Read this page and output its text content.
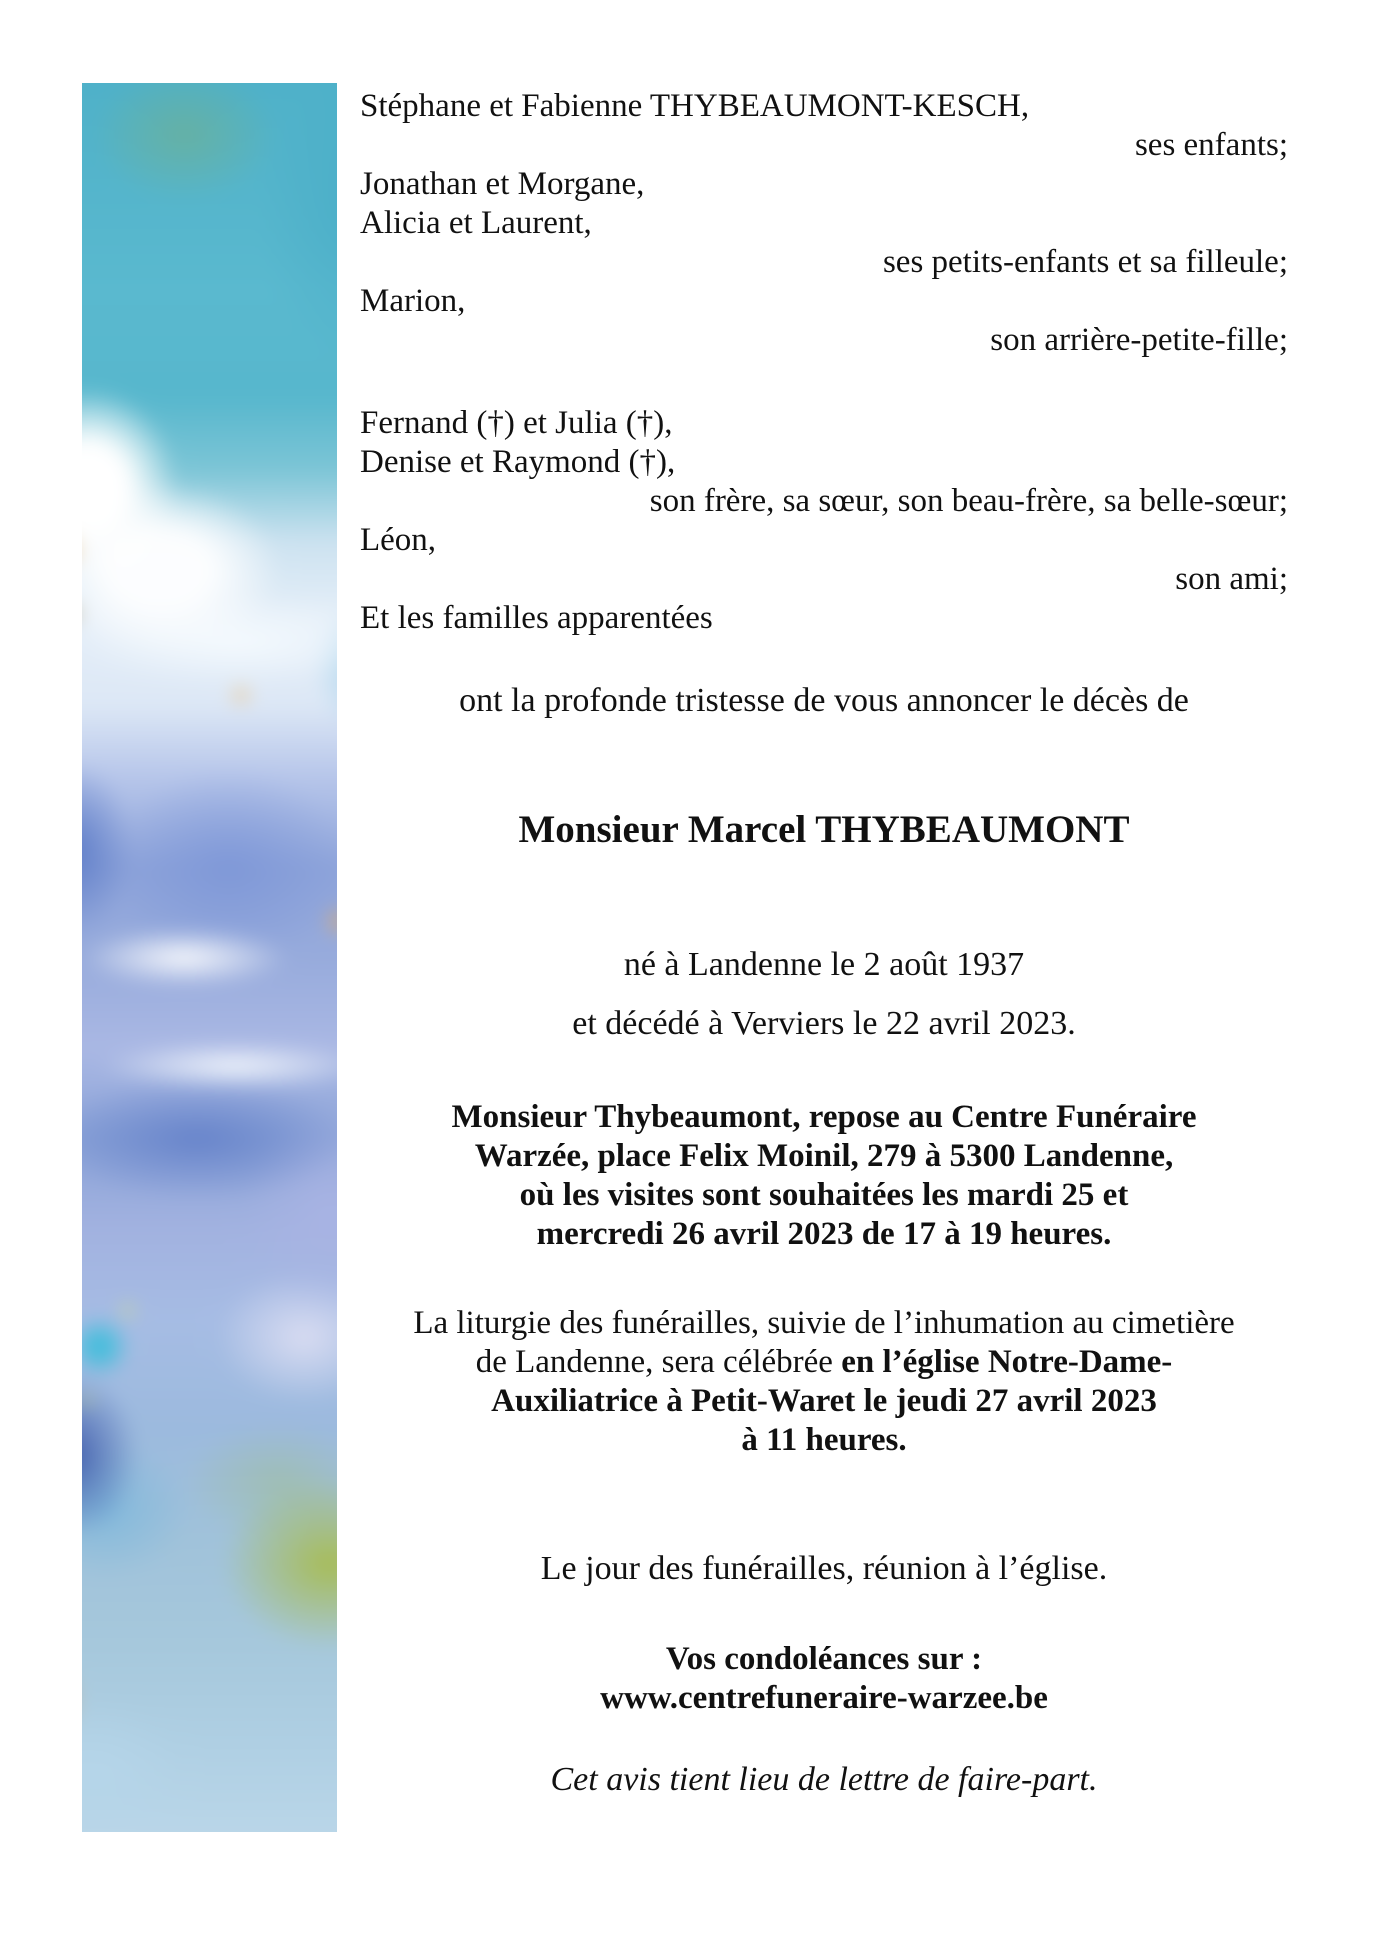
Stéphane et Fabienne THYBEAUMONT-KESCH,
ses enfants;
Jonathan et Morgane,
Alicia et Laurent,
ses petits-enfants et sa filleule;
Marion,
son arrière-petite-fille;
Fernand (†) et Julia (†),
Denise et Raymond (†),
son frère, sa sœur, son beau-frère, sa belle-sœur;
Léon,
son ami;
Et les familles apparentées
ont la profonde tristesse de vous annoncer le décès de
Monsieur Marcel THYBEAUMONT
né à Landenne le 2 août 1937
et décédé à Verviers le 22 avril 2023.
Monsieur Thybeaumont, repose au Centre Funéraire
Warzée, place Felix Moinil, 279 à 5300 Landenne,
où les visites sont souhaitées les mardi 25 et
mercredi 26 avril 2023 de 17 à 19 heures.
La liturgie des funérailles, suivie de l’inhumation au cimetière
de Landenne, sera célébrée en l’église Notre-Dame-
Auxiliatrice à Petit-Waret le jeudi 27 avril 2023
à 11 heures.
Le jour des funérailles, réunion à l’église.
Vos condoléances sur :
www.centrefuneraire-warzee.be
Cet avis tient lieu de lettre de faire-part.
